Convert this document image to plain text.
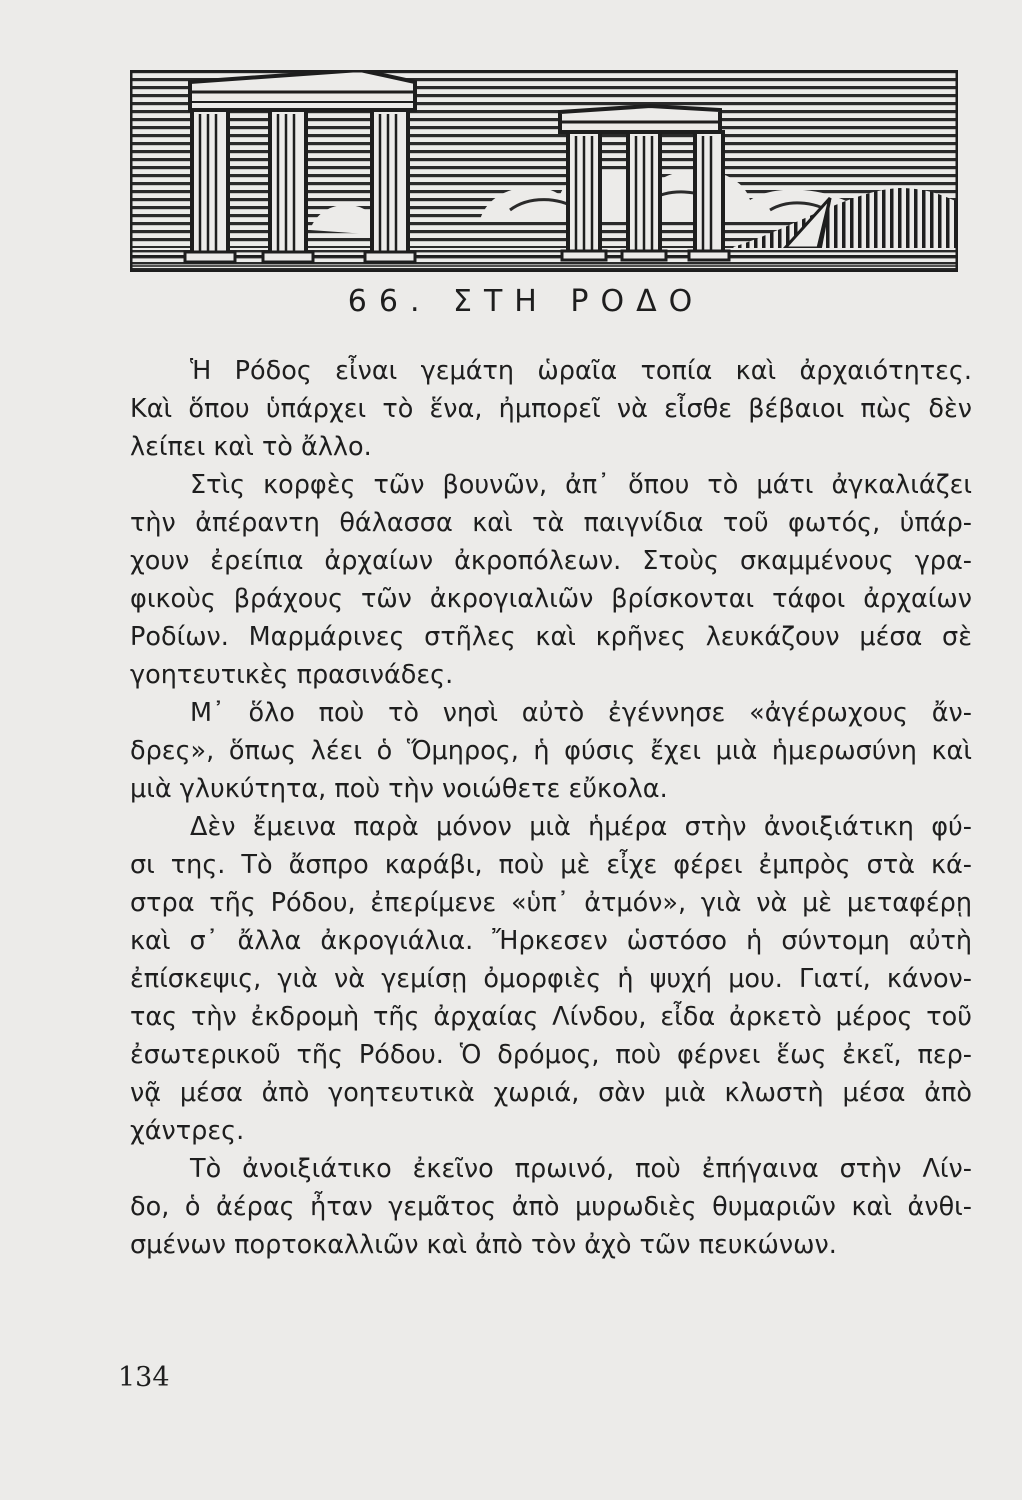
66. ΣΤΗ ΡΟΔΟ
Ἡ Ρόδος εἶναι γεμάτη ὡραῖα τοπία καὶ ἀρχαιότητες.
Καὶ ὅπου ὑπάρχει τὸ ἕνα, ἠμπορεῖ νὰ εἶσθε βέβαιοι πὼς δὲν
λείπει καὶ τὸ ἄλλο.
Στὶς κορφὲς τῶν βουνῶν, ἀπ᾿ ὅπου τὸ μάτι ἀγκαλιάζει
τὴν ἀπέραντη θάλασσα καὶ τὰ παιγνίδια τοῦ φωτός, ὑπάρ-
χουν ἐρείπια ἀρχαίων ἀκροπόλεων. Στοὺς σκαμμένους γρα-
φικοὺς βράχους τῶν ἀκρογιαλιῶν βρίσκονται τάφοι ἀρχαίων
Ροδίων. Μαρμάρινες στῆλες καὶ κρῆνες λευκάζουν μέσα σὲ
γοητευτικὲς πρασινάδες.
Μ᾿ ὅλο ποὺ τὸ νησὶ αὐτὸ ἐγέννησε «ἀγέρωχους ἄν-
δρες», ὅπως λέει ὁ Ὅμηρος, ἡ φύσις ἔχει μιὰ ἡμερωσύνη καὶ
μιὰ γλυκύτητα, ποὺ τὴν νοιώθετε εὔκολα.
Δὲν ἔμεινα παρὰ μόνον μιὰ ἡμέρα στὴν ἀνοιξιάτικη φύ-
σι της. Τὸ ἄσπρο καράβι, ποὺ μὲ εἶχε φέρει ἐμπρὸς στὰ κά-
στρα τῆς Ρόδου, ἐπερίμενε «ὑπ᾿ ἀτμόν», γιὰ νὰ μὲ μεταφέρῃ
καὶ σ᾿ ἄλλα ἀκρογιάλια. Ἤρκεσεν ὡστόσο ἡ σύντομη αὐτὴ
ἐπίσκεψις, γιὰ νὰ γεμίσῃ ὀμορφιὲς ἡ ψυχή μου. Γιατί, κάνον-
τας τὴν ἐκδρομὴ τῆς ἀρχαίας Λίνδου, εἶδα ἀρκετὸ μέρος τοῦ
ἐσωτερικοῦ τῆς Ρόδου. Ὁ δρόμος, ποὺ φέρνει ἕως ἐκεῖ, περ-
νᾷ μέσα ἀπὸ γοητευτικὰ χωριά, σὰν μιὰ κλωστὴ μέσα ἀπὸ
χάντρες.
Τὸ ἀνοιξιάτικο ἐκεῖνο πρωινό, ποὺ ἐπήγαινα στὴν Λίν-
δο, ὁ ἀέρας ἦταν γεμᾶτος ἀπὸ μυρωδιὲς θυμαριῶν καὶ ἀνθι-
σμένων πορτοκαλλιῶν καὶ ἀπὸ τὸν ἀχὸ τῶν πευκώνων.
134
